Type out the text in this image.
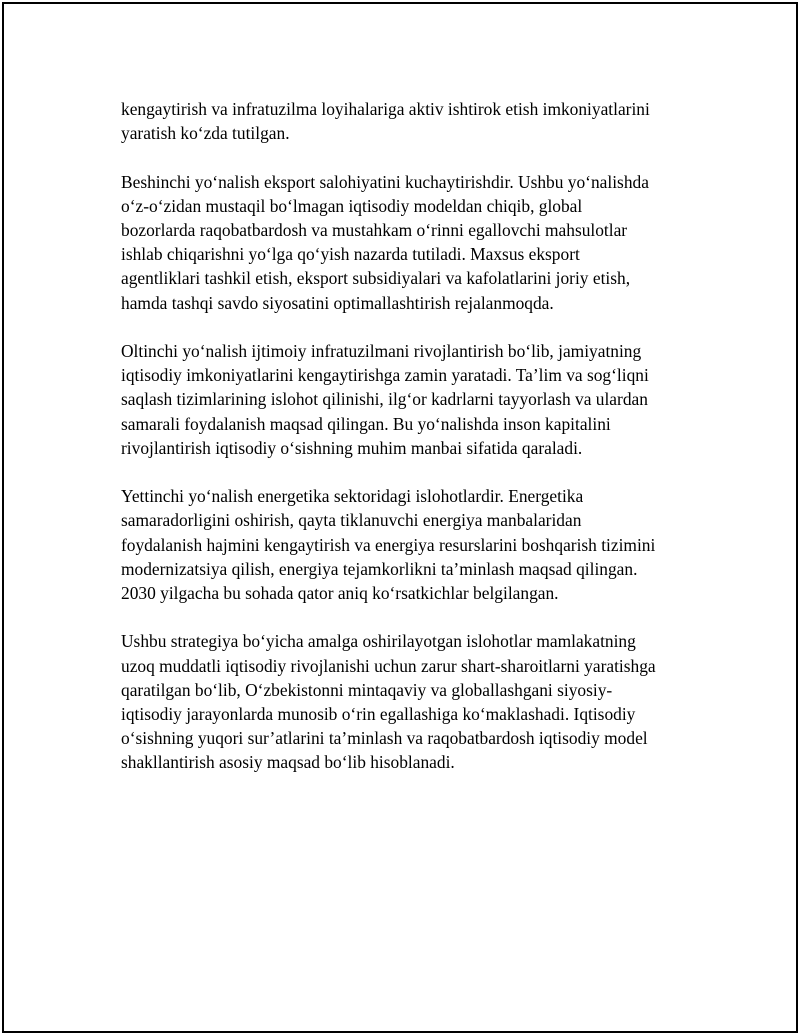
kengaytirish va infratuzilma loyihalariga aktiv ishtirok etish imkoniyatlarini
yaratish koʻzda tutilgan.

Beshinchi yoʻnalish eksport salohiyatini kuchaytirishdir. Ushbu yoʻnalishda
oʻz-oʻzidan mustaqil boʻlmagan iqtisodiy modeldan chiqib, global
bozorlarda raqobatbardosh va mustahkam oʻrinni egallovchi mahsulotlar
ishlab chiqarishni yoʻlga qoʻyish nazarda tutiladi. Maxsus eksport
agentliklari tashkil etish, eksport subsidiyalari va kafolatlarini joriy etish,
hamda tashqi savdo siyosatini optimallashtirish rejalanmoqda.

Oltinchi yoʻnalish ijtimoiy infratuzilmani rivojlantirish boʻlib, jamiyatning
iqtisodiy imkoniyatlarini kengaytirishga zamin yaratadi. Ta’lim va sogʻliqni
saqlash tizimlarining islohot qilinishi, ilgʻor kadrlarni tayyorlash va ulardan
samarali foydalanish maqsad qilingan. Bu yoʻnalishda inson kapitalini
rivojlantirish iqtisodiy oʻsishning muhim manbai sifatida qaraladi.

Yettinchi yoʻnalish energetika sektoridagi islohotlardir. Energetika
samaradorligini oshirish, qayta tiklanuvchi energiya manbalaridan
foydalanish hajmini kengaytirish va energiya resurslarini boshqarish tizimini
modernizatsiya qilish, energiya tejamkorlikni ta’minlash maqsad qilingan.
2030 yilgacha bu sohada qator aniq koʻrsatkichlar belgilangan.

Ushbu strategiya boʻyicha amalga oshirilayotgan islohotlar mamlakatning
uzoq muddatli iqtisodiy rivojlanishi uchun zarur shart-sharoitlarni yaratishga
qaratilgan boʻlib, Oʻzbekistonni mintaqaviy va globallashgani siyosiy-
iqtisodiy jarayonlarda munosib oʻrin egallashiga koʻmaklashadi. Iqtisodiy
oʻsishning yuqori sur’atlarini ta’minlash va raqobatbardosh iqtisodiy model
shakllantirish asosiy maqsad boʻlib hisoblanadi.
